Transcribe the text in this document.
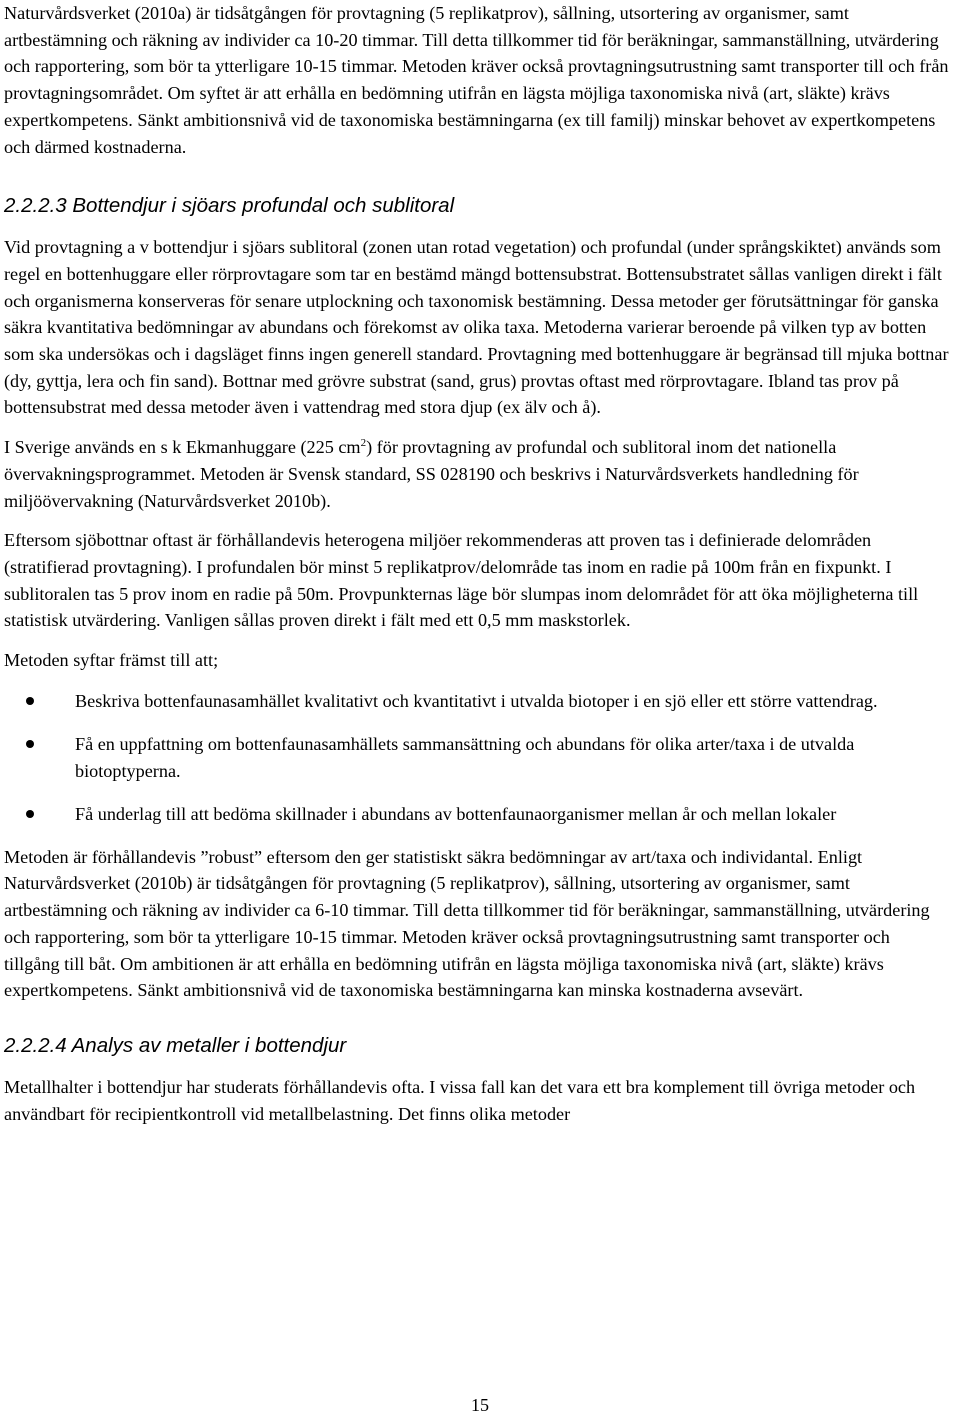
Naturvårdsverket (2010a) är tidsåtgången för provtagning (5 replikatprov), sållning, utsortering av organismer, samt artbestämning och räkning av individer ca 10-20 timmar. Till detta tillkommer tid för beräkningar, sammanställning, utvärdering och rapportering, som bör ta ytterligare 10-15 timmar. Metoden kräver också provtagningsutrustning samt transporter till och från provtagningsområdet. Om syftet är att erhålla en bedömning utifrån en lägsta möjliga taxonomiska nivå (art, släkte) krävs expertkompetens. Sänkt ambitionsnivå vid de taxonomiska bestämningarna (ex till familj) minskar behovet av expertkompetens och därmed kostnaderna.

2.2.2.3 Bottendjur i sjöars profundal och sublitoral

Vid provtagning a v bottendjur i sjöars sublitoral (zonen utan rotad vegetation) och profundal (under språngskiktet) används som regel en bottenhuggare eller rörprovtagare som tar en bestämd mängd bottensubstrat. Bottensubstratet sållas vanligen direkt i fält och organismerna konserveras för senare utplockning och taxonomisk bestämning. Dessa metoder ger förutsättningar för ganska säkra kvantitativa bedömningar av abundans och förekomst av olika taxa. Metoderna varierar beroende på vilken typ av botten som ska undersökas och i dagsläget finns ingen generell standard. Provtagning med bottenhuggare är begränsad till mjuka bottnar (dy, gyttja, lera och fin sand). Bottnar med grövre substrat (sand, grus) provtas oftast med rörprovtagare. Ibland tas prov på bottensubstrat med dessa metoder även i vattendrag med stora djup (ex älv och å).

I Sverige används en s k Ekmanhuggare (225 $cm^2$) för provtagning av profundal och sublitoral inom det nationella övervakningsprogrammet. Metoden är Svensk standard, SS 028190 och beskrivs i Naturvårdsverkets handledning för miljöövervakning (Naturvårdsverket 2010b).

Eftersom sjöbottnar oftast är förhållandevis heterogena miljöer rekommenderas att proven tas i definierade delområden (stratifierad provtagning). I profundalen bör minst 5 replikatprov/delområde tas inom en radie på 100m från en fixpunkt. I sublitoralen tas 5 prov inom en radie på 50m. Provpunkternas läge bör slumpas inom delområdet för att öka möjligheterna till statistisk utvärdering. Vanligen sållas proven direkt i fält med ett 0,5 mm maskstorlek.

Metoden syftar främst till att;

Beskriva bottenfaunasamhället kvalitativt och kvantitativt i utvalda biotoper i en sjö eller ett större vattendrag.
Få en uppfattning om bottenfaunasamhällets sammansättning och abundans för olika arter/taxa i de utvalda biotoptyperna.
Få underlag till att bedöma skillnader i abundans av bottenfaunaorganismer mellan år och mellan lokaler

Metoden är förhållandevis ”robust” eftersom den ger statistiskt säkra bedömningar av art/taxa och individantal. Enligt Naturvårdsverket (2010b) är tidsåtgången för provtagning (5 replikatprov), sållning, utsortering av organismer, samt artbestämning och räkning av individer ca 6-10 timmar. Till detta tillkommer tid för beräkningar, sammanställning, utvärdering och rapportering, som bör ta ytterligare 10-15 timmar. Metoden kräver också provtagningsutrustning samt transporter och tillgång till båt. Om ambitionen är att erhålla en bedömning utifrån en lägsta möjliga taxonomiska nivå (art, släkte) krävs expertkompetens. Sänkt ambitionsnivå vid de taxonomiska bestämningarna kan minska kostnaderna avsevärt.

2.2.2.4 Analys av metaller i bottendjur

Metallhalter i bottendjur har studerats förhållandevis ofta. I vissa fall kan det vara ett bra komplement till övriga metoder och användbart för recipientkontroll vid metallbelastning. Det finns olika metoder

15
